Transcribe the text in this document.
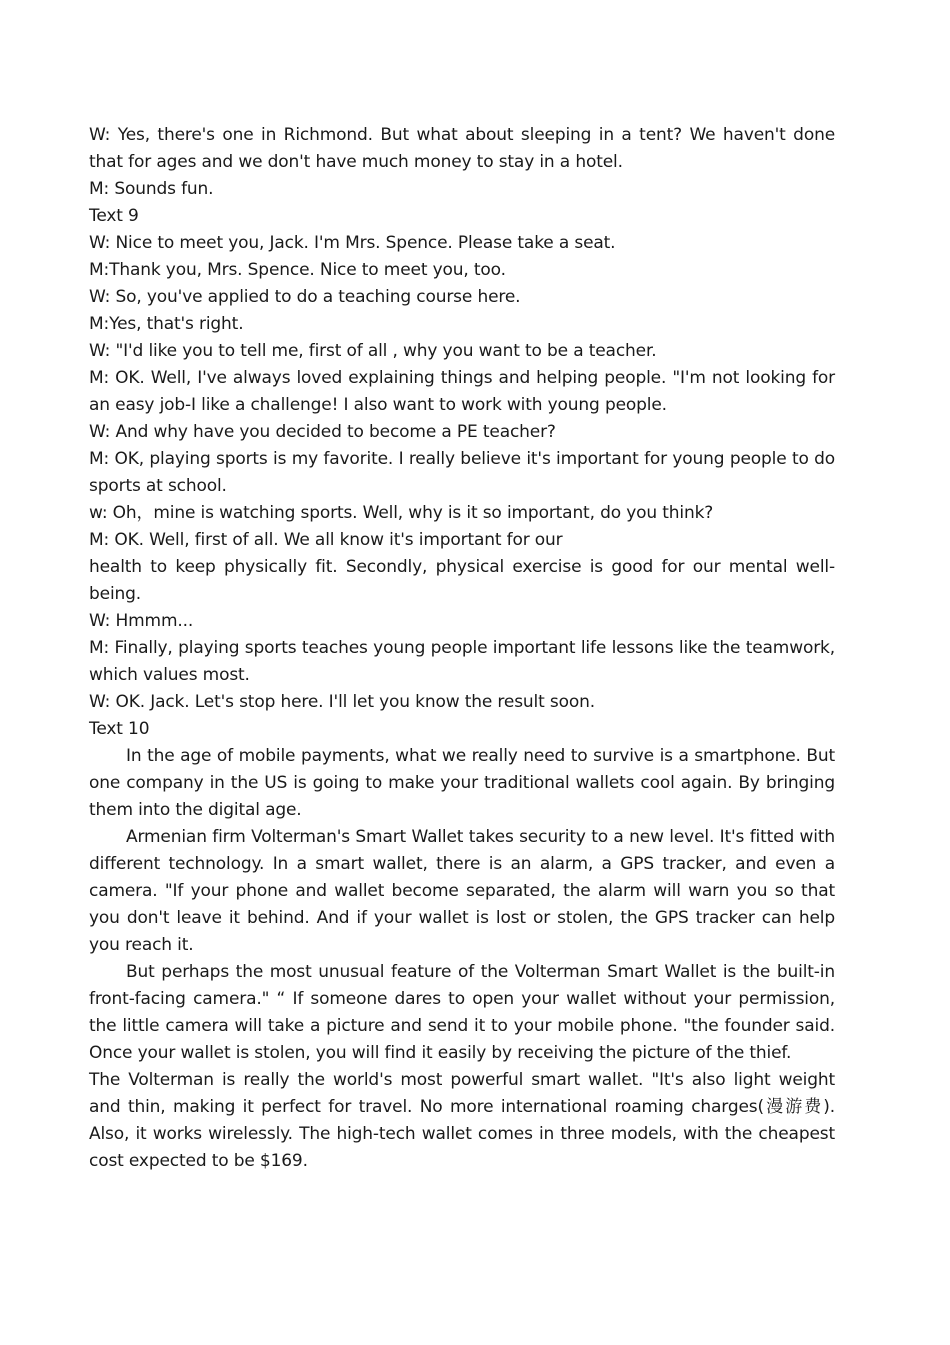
W: Yes, there's one in Richmond. But what about sleeping in a tent? We haven't done that for ages and we don't have much money to stay in a hotel.

M: Sounds fun.

Text 9

W: Nice to meet you, Jack. I'm Mrs. Spence. Please take a seat.

M:Thank you, Mrs. Spence. Nice to meet you, too.

W: So, you've applied to do a teaching course here.

M:Yes, that's right.

W: "I'd like you to tell me, first of all , why you want to be a teacher.

M: OK. Well, I've always loved explaining things and helping people. "I'm not looking for an easy job-I like a challenge! I also want to work with young people.

W: And why have you decided to become a PE teacher?

M: OK, playing sports is my favorite. I really believe it's important for young people to do sports at school.

w: Oh，mine is watching sports. Well, why is it so important, do you think?

M: OK. Well, first of all. We all know it's important for our

health to keep physically fit. Secondly, physical exercise is good for our mental well-being.

W: Hmmm...

M: Finally, playing sports teaches young people important life lessons like the teamwork, which values most.

W: OK. Jack. Let's stop here. I'll let you know the result soon.

Text 10

In the age of mobile payments, what we really need to survive is a smartphone. But one company in the US is going to make your traditional wallets cool again. By bringing them into the digital age.

Armenian firm Volterman's Smart Wallet takes security to a new level. It's fitted with different technology. In a smart wallet, there is an alarm, a GPS tracker, and even a camera. "If your phone and wallet become separated, the alarm will warn you so that you don't leave it behind. And if your wallet is lost or stolen, the GPS tracker can help you reach it.

But perhaps the most unusual feature of the Volterman Smart Wallet is the built-in front-facing camera." “ If someone dares to open your wallet without your permission, the little camera will take a picture and send it to your mobile phone. "the founder said. Once your wallet is stolen, you will find it easily by receiving the picture of the thief.

The Volterman is really the world's most powerful smart wallet. "It's also light weight and thin, making it perfect for travel. No more international roaming charges(漫游费). Also, it works wirelessly. The high-tech wallet comes in three models, with the cheapest cost expected to be $169.
